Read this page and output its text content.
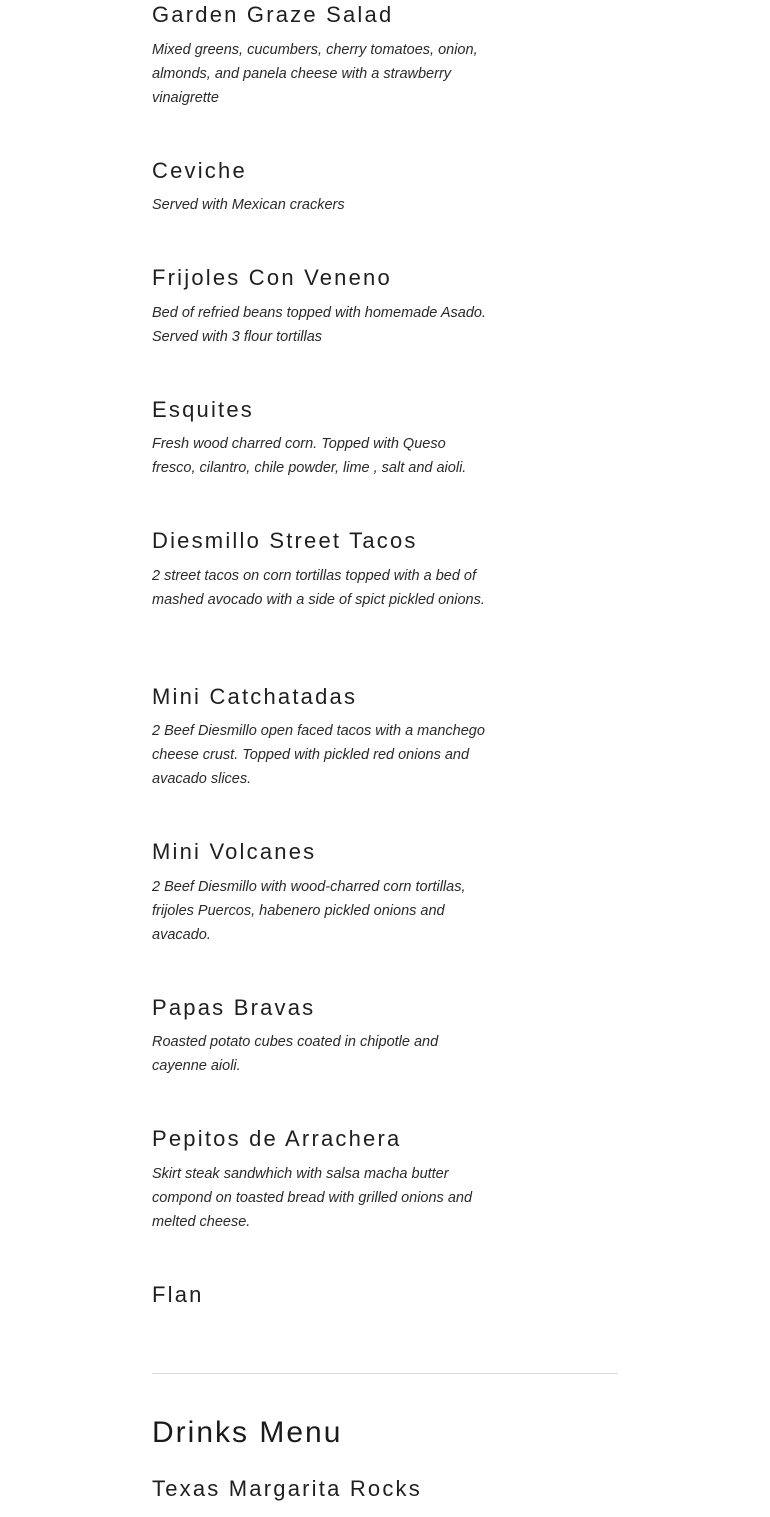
Garden Graze Salad

Mixed greens, cucumbers, cherry tomatoes, onion, almonds, and panela cheese with a strawberry vinaigrette

Ceviche

Served with Mexican crackers

Frijoles Con Veneno

Bed of refried beans topped with homemade Asado. Served with 3 flour tortillas

Esquites

Fresh wood charred corn. Topped with Queso fresco, cilantro, chile powder, lime , salt and aioli.

Diesmillo Street Tacos

2 street tacos on corn tortillas topped with a bed of mashed avocado with a side of spict pickled onions.

Mini Catchatadas

2 Beef Diesmillo open faced tacos with a manchego cheese crust. Topped with pickled red onions and avacado slices.

Mini Volcanes

2 Beef Diesmillo with wood-charred corn tortillas, frijoles Puercos, habenero pickled onions and avacado.

Papas Bravas

Roasted potato cubes coated in chipotle and cayenne aioli.

Pepitos de Arrachera

Skirt steak sandwhich with salsa macha butter compond on toasted bread with grilled onions and melted cheese.

Flan

Drinks Menu
Texas Margarita Rocks
